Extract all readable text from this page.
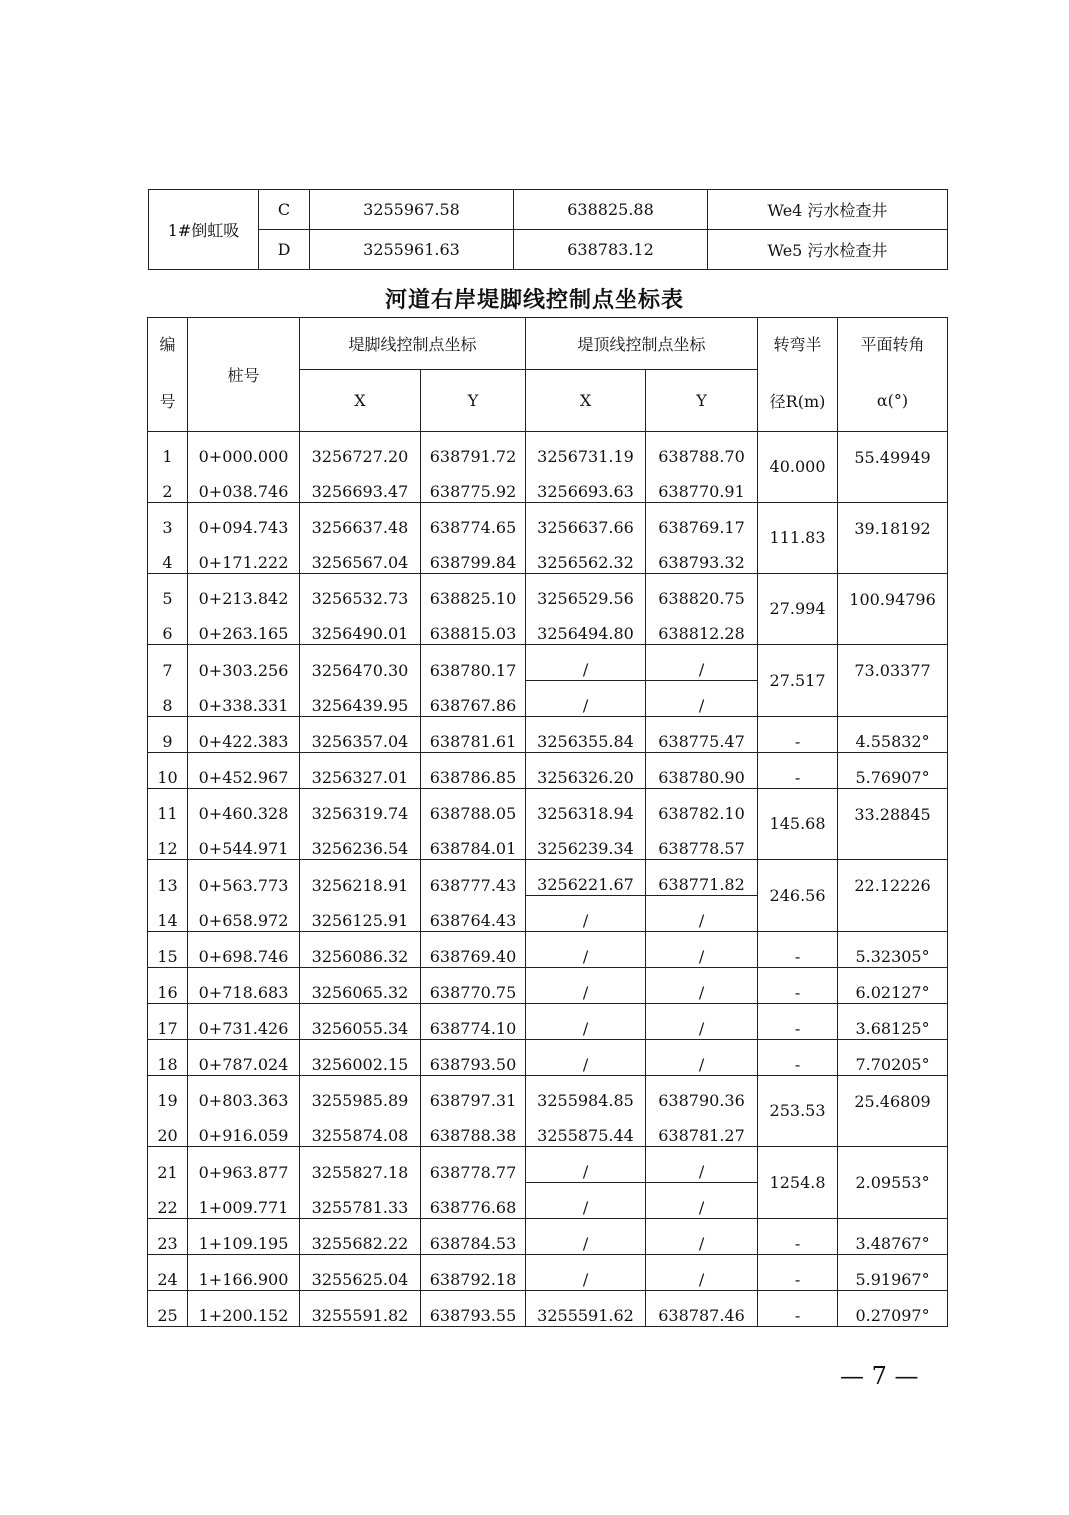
1#倒虹吸	C	3255967.58	638825.88	We4 污水检查井
	D	3255961.63	638783.12	We5 污水检查井
河道右岸堤脚线控制点坐标表
编	桩号	堤脚线控制点坐标		堤顶线控制点坐标		转弯半	平面转角
号		X	Y	X	Y	径R(m)	α(°)
1	0+000.000	3256727.20	638791.72	3256731.19	638788.70	40.000	55.49949
2	0+038.746	3256693.47	638775.92	3256693.63	638770.91		
3	0+094.743	3256637.48	638774.65	3256637.66	638769.17	111.83	39.18192
4	0+171.222	3256567.04	638799.84	3256562.32	638793.32		
5	0+213.842	3256532.73	638825.10	3256529.56	638820.75	27.994	100.94796
6	0+263.165	3256490.01	638815.03	3256494.80	638812.28		
7	0+303.256	3256470.30	638780.17	/	/	27.517	73.03377
8	0+338.331	3256439.95	638767.86	/	/		
9	0+422.383	3256357.04	638781.61	3256355.84	638775.47	-	4.55832°
10	0+452.967	3256327.01	638786.85	3256326.20	638780.90	-	5.76907°
11	0+460.328	3256319.74	638788.05	3256318.94	638782.10	145.68	33.28845
12	0+544.971	3256236.54	638784.01	3256239.34	638778.57		
13	0+563.773	3256218.91	638777.43	3256221.67	638771.82	246.56	22.12226
14	0+658.972	3256125.91	638764.43	/	/		
15	0+698.746	3256086.32	638769.40	/	/	-	5.32305°
16	0+718.683	3256065.32	638770.75	/	/	-	6.02127°
17	0+731.426	3256055.34	638774.10	/	/	-	3.68125°
18	0+787.024	3256002.15	638793.50	/	/	-	7.70205°
19	0+803.363	3255985.89	638797.31	3255984.85	638790.36	253.53	25.46809
20	0+916.059	3255874.08	638788.38	3255875.44	638781.27		
21	0+963.877	3255827.18	638778.77	/	/	1254.8	2.09553°
22	1+009.771	3255781.33	638776.68	/	/		
23	1+109.195	3255682.22	638784.53	/	/	-	3.48767°
24	1+166.900	3255625.04	638792.18	/	/	-	5.91967°
25	1+200.152	3255591.82	638793.55	3255591.62	638787.46	-	0.27097°
— 7 —
